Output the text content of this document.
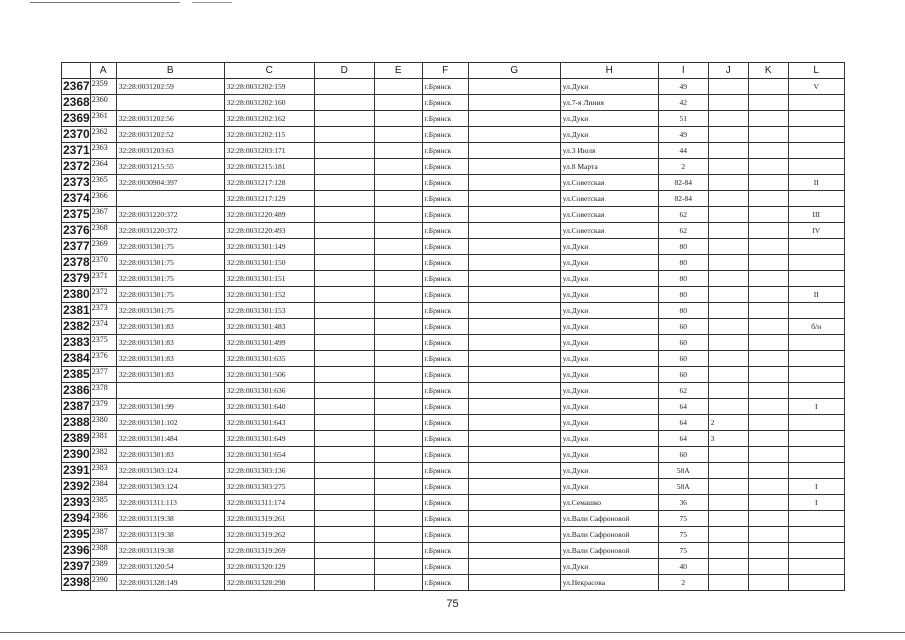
	A	B	C	D	E	F	G	H	I	J	K	L
2367	2359	32:28:0031202:59	32:28:0031202:159			г.Брянск		ул.Дуки	49			V
2368	2360		32:28:0031202:160			г.Брянск		ул.7-я Линия	42			
2369	2361	32:28:0031202:56	32:28:0031202:162			г.Брянск		ул.Дуки	51			
2370	2362	32:28:0031202:52	32:28:0031202:115			г.Брянск		ул.Дуки	49			
2371	2363	32:28:0031203:63	32:28:0031203:171			г.Брянск		ул.3 Июля	44			
2372	2364	32:28:0031215:55	32:28:0031215:181			г.Брянск		ул.8 Марта	2			
2373	2365	32:28:0030904:397	32:28:0031217:128			г.Брянск		ул.Советская	82-84			II
2374	2366		32:28:0031217:129			г.Брянск		ул.Советская	82-84			
2375	2367	32:28:0031220:372	32:28:0031220:489			г.Брянск		ул.Советская	62			III
2376	2368	32:28:0031220:372	32:28:0031220:493			г.Брянск		ул.Советская	62			IV
2377	2369	32:28:0031301:75	32:28:0031301:149			г.Брянск		ул.Дуки	80			
2378	2370	32:28:0031301:75	32:28:0031301:150			г.Брянск		ул.Дуки	80			
2379	2371	32:28:0031301:75	32:28:0031301:151			г.Брянск		ул.Дуки	80			
2380	2372	32:28:0031301:75	32:28:0031301:152			г.Брянск		ул.Дуки	80			II
2381	2373	32:28:0031301:75	32:28:0031301:153			г.Брянск		ул.Дуки	80			
2382	2374	32:28:0031301:83	32:28:0031301:483			г.Брянск		ул.Дуки	60			б/н
2383	2375	32:28:0031301:83	32:28:0031301:499			г.Брянск		ул.Дуки	60			
2384	2376	32:28:0031301:83	32:28:0031301:635			г.Брянск		ул.Дуки	60			
2385	2377	32:28:0031301:83	32:28:0031301:506			г.Брянск		ул.Дуки	60			
2386	2378		32:28:0031301:636			г.Брянск		ул.Дуки	62			
2387	2379	32:28:0031301:99	32:28:0031301:640			г.Брянск		ул.Дуки	64			I
2388	2380	32:28:0031301:102	32:28:0031301:643			г.Брянск		ул.Дуки	64	2		
2389	2381	32:28:0031301:484	32:28:0031301:649			г.Брянск		ул.Дуки	64	3		
2390	2382	32:28:0031301:83	32:28:0031301:654			г.Брянск		ул.Дуки	60			
2391	2383	32:28:0031303:124	32:28:0031303:136			г.Брянск		ул.Дуки	58А			
2392	2384	32:28:0031303:124	32:28:0031303:275			г.Брянск		ул.Дуки	58А			I
2393	2385	32:28:0031311:113	32:28:0031311:174			г.Брянск		ул.Семашко	36			I
2394	2386	32:28:0031319:38	32:28:0031319:261			г.Брянск		ул.Вали Сафроновой	75			
2395	2387	32:28:0031319:38	32:28:0031319:262			г.Брянск		ул.Вали Сафроновой	75			
2396	2388	32:28:0031319:38	32:28:0031319:269			г.Брянск		ул.Вали Сафроновой	75			
2397	2389	32:28:0031320:54	32:28:0031320:129			г.Брянск		ул.Дуки	40			
2398	2390	32:28:0031328:149	32:28:0031328:298			г.Брянск		ул.Некрасова	2			
75
